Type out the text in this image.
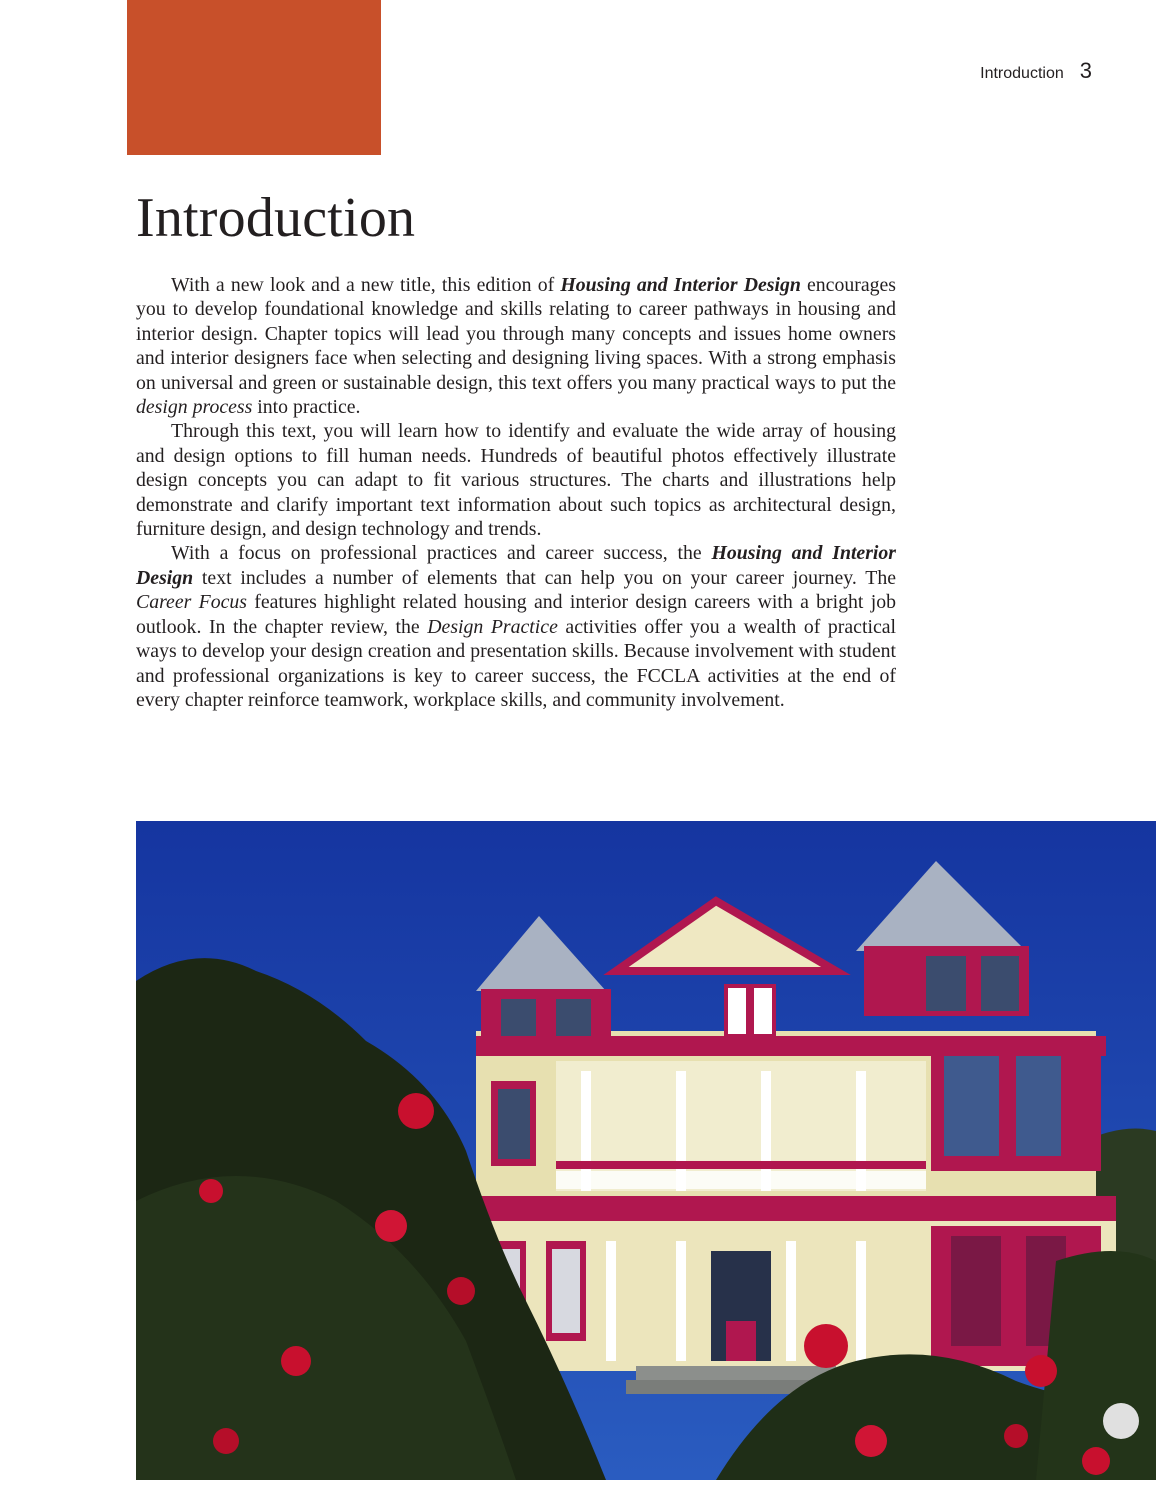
Introduction 3
Introduction

With a new look and a new title, this edition of Housing and Interior Design encourages you to develop foundational knowledge and skills relating to career pathways in housing and interior design. Chapter topics will lead you through many concepts and issues home owners and interior designers face when selecting and designing living spaces. With a strong emphasis on universal and green or sustainable design, this text offers you many practical ways to put the design process into practice.

Through this text, you will learn how to identify and evaluate the wide array of housing and design options to fill human needs. Hundreds of beautiful photos effectively illustrate design concepts you can adapt to fit various structures. The charts and illustrations help demonstrate and clarify important text information about such topics as architectural design, furniture design, and design technology and trends.

With a focus on professional practices and career success, the Housing and Interior Design text includes a number of elements that can help you on your career journey. The Career Focus features highlight related housing and interior design careers with a bright job outlook. In the chapter review, the Design Practice activities offer you a wealth of practical ways to develop your design creation and presentation skills. Because involvement with student and professional organizations is key to career success, the FCCLA activities at the end of every chapter reinforce teamwork, workplace skills, and community involvement.
